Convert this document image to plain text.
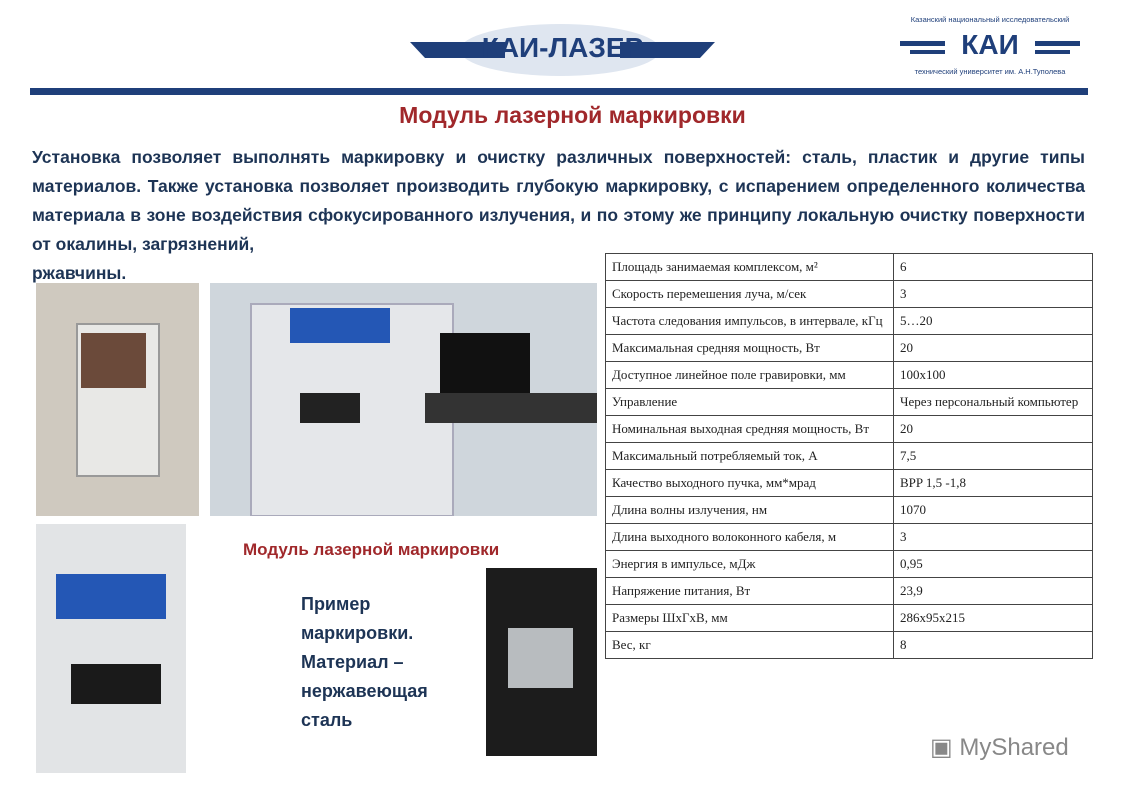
КАИ-ЛАЗЕР
Казанский национальный исследовательский
КАИ
технический университет им. А.Н.Туполева
Модуль лазерной маркировки
Установка позволяет выполнять маркировку и очистку различных поверхностей: сталь, пластик и другие типы материалов. Также установка позволяет производить глубокую маркировку, с испарением определенного количества материала в зоне воздействия сфокусированного излучения, и по этому же принципу локальную очистку поверхности от окалины, загрязнений,
ржавчины.
Модуль лазерной маркировки
Пример
маркировки.
Материал –
нержавеющая
сталь
Площадь занимаемая комплексом, м²	6
Скорость перемешения луча, м/сек	3
Частота следования импульсов, в интервале, кГц	5…20
Максимальная средняя мощность, Вт	20
Доступное линейное поле гравировки, мм	100x100
Управление	Через персональный компьютер
Номинальная выходная средняя мощность, Вт	20
Максимальный потребляемый ток, А	7,5
Качество выходного пучка, мм*мрад	BPP 1,5 -1,8
Длина волны излучения, нм	1070
Длина выходного волоконного кабеля, м	3
Энергия в импульсе, мДж	0,95
Напряжение питания, Вт	23,9
Размеры ШхГхВ, мм	286x95x215
Вес, кг	8
▣ MyShared
